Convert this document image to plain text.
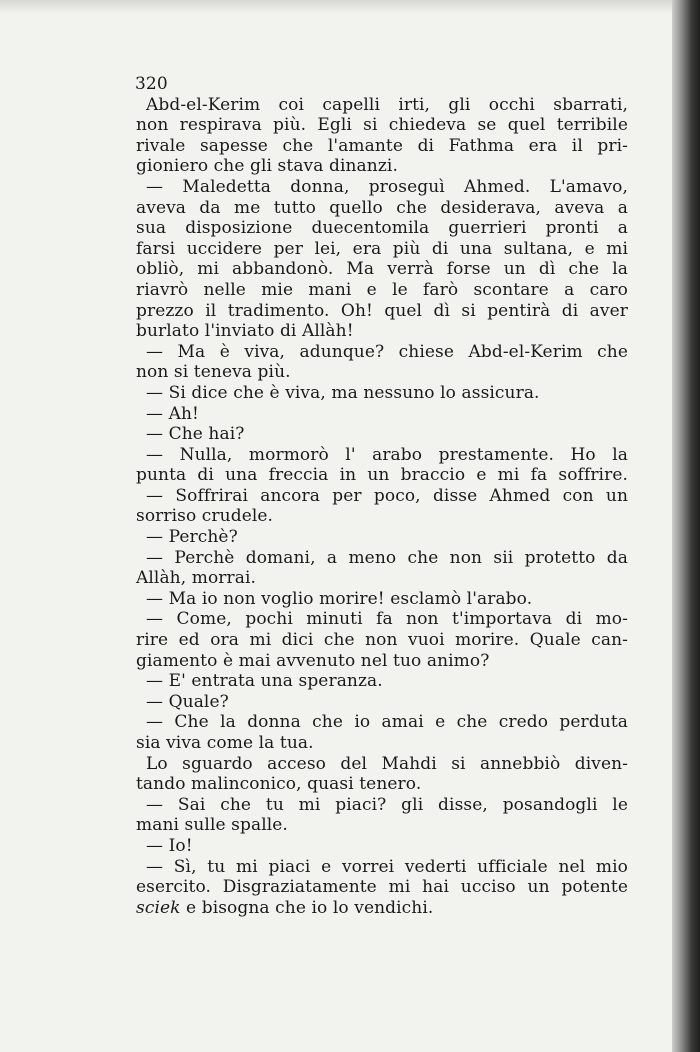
320
Abd-el-Kerim coi capelli irti, gli occhi sbarrati,
non respirava più. Egli si chiedeva se quel terribile
rivale sapesse che l'amante di Fathma era il pri-
gioniero che gli stava dinanzi.
— Maledetta donna, proseguì Ahmed. L'amavo,
aveva da me tutto quello che desiderava, aveva a
sua disposizione duecentomila guerrieri pronti a
farsi uccidere per lei, era più di una sultana, e mi
obliò, mi abbandonò. Ma verrà forse un dì che la
riavrò nelle mie mani e le farò scontare a caro
prezzo il tradimento. Oh! quel dì si pentirà di aver
burlato l'inviato di Allàh!
— Ma è viva, adunque? chiese Abd-el-Kerim che
non si teneva più.
— Si dice che è viva, ma nessuno lo assicura.
— Ah!
— Che hai?
— Nulla, mormorò l' arabo prestamente. Ho la
punta di una freccia in un braccio e mi fa soffrire.
— Soffrirai ancora per poco, disse Ahmed con un
sorriso crudele.
— Perchè?
— Perchè domani, a meno che non sii protetto da
Allàh, morrai.
— Ma io non voglio morire! esclamò l'arabo.
— Come, pochi minuti fa non t'importava di mo-
rire ed ora mi dici che non vuoi morire. Quale can-
giamento è mai avvenuto nel tuo animo?
— E' entrata una speranza.
— Quale?
— Che la donna che io amai e che credo perduta
sia viva come la tua.
Lo sguardo acceso del Mahdi si annebbiò diven-
tando malinconico, quasi tenero.
— Sai che tu mi piaci? gli disse, posandogli le
mani sulle spalle.
— Io!
— Sì, tu mi piaci e vorrei vederti ufficiale nel mio
esercito. Disgraziatamente mi hai ucciso un potente
sciek e bisogna che io lo vendichi.
